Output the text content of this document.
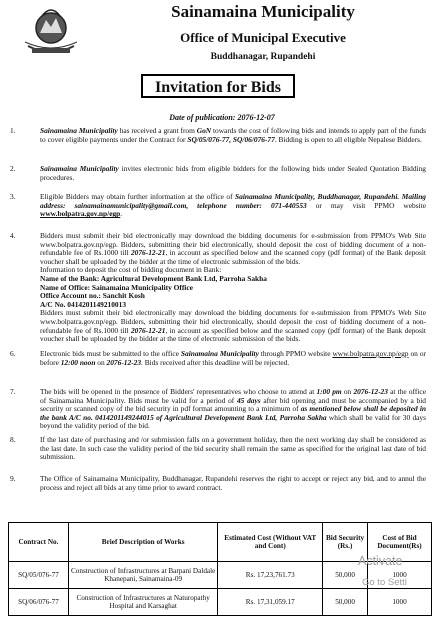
Sainamaina Municipality
Office of Municipal Executive
Buddhanagar, Rupandehi
Invitation for Bids
Date of publication: 2076-12-07
1.	Sainamaina Municipality has received a grant from GoN towards the cost of following bids and intends to apply part of the funds to cover eligible payments under the Contract for SQ/05/076-77, SQ/06/076-77. Bidding is open to all eligible Nepalese Bidders.
2.	Sainamaina Municipality invites electronic bids from eligible bidders for the following bids under Sealed Quotation Bidding procedures.
3.	Eligible Bidders may obtain further information at the office of Sainamaina Municipality, Buddhanagar, Rupandehi. Mailing address: sainamainamunicipality@gmail.com, telephone number: 071-440553 or may visit PPMO website www.bolpatra.gov.np/egp.
4.	Bidders must submit their bid electronically may download the bidding documents for e-submission from PPMO's Web Site www.bolpatra.gov.np/egp. Bidders, submitting their bid electronically, should deposit the cost of bidding document of a non-refundable fee of Rs.1000 till 2076-12-21, in account as specified below and the scanned copy (pdf format) of the Bank deposit voucher shall be uploaded by the bidder at the time of electronic submission of the bids.
Information to deposit the cost of bidding document in Bank:
Name of the Bank: Agricultural Development Bank Ltd, Parroha Sakha
Name of Office: Sainamaina Municipality Office
Office Account no.: Sanchit Kosh
A/C No. 0414201149210013
Bidders must submit their bid electronically may download the bidding documents for e-submission from PPMO's Web Site www.bolpatra.gov.np/egp. Bidders, submitting their bid electronically, should deposit the cost of bidding document of a non-refundable fee of Rs.1000 till 2076-12-21, in account as specified below and the scanned copy (pdf format) of the Bank deposit voucher shall be uploaded by the bidder at the time of electronic submission of the bids.
6.	Electronic bids must be submitted to the office Sainamaina Municipality through PPMO website www.bolpatra.gov.np/egp on or before 12:00 noon on 2076-12-23. Bids received after this deadline will be rejected.
7.	The bids will be opened in the presence of Bidders' representatives who choose to attend at 1:00 pm on 2076-12-23 at the office of Sainamaina Municipality. Bids must be valid for a period of 45 days after bid opening and must be accompanied by a bid security or scanned copy of the bid security in pdf format amounting to a minimum of as mentioned below shall be deposited in the bank A/C no. 0414201149244015 of Agricultural Development Bank Ltd, Parroha Sakha which shall be valid for 30 days beyond the validity period of the bid.
8.	If the last date of purchasing and /or submission falls on a government holiday, then the next working day shall be considered as the last date. In such case the validity period of the bid security shall remain the same as specified for the original last date of bid submission.
9.	The Office of Sainamaina Municipality, Buddhanagar, Rupandehi reserves the right to accept or reject any bid, and to annul the process and reject all bids at any time prior to award contract.
Contract No.	Brief Description of Works	Estimated Cost (Without VAT and Cont)	Bid Security (Rs.)	Cost of Bid Document(Rs)
SQ/05/076-77	Construction of Infrastructures at Barpani Daldale Khanepani, Sainamaina-09	Rs. 17,23,761.73	50,000	1000
SQ/06/076-77	Construction of Infrastructures at Naturopathy Hospital and Karsaghat	Rs. 17,31,059.17	50,000	1000
Activate
Go to Setti
